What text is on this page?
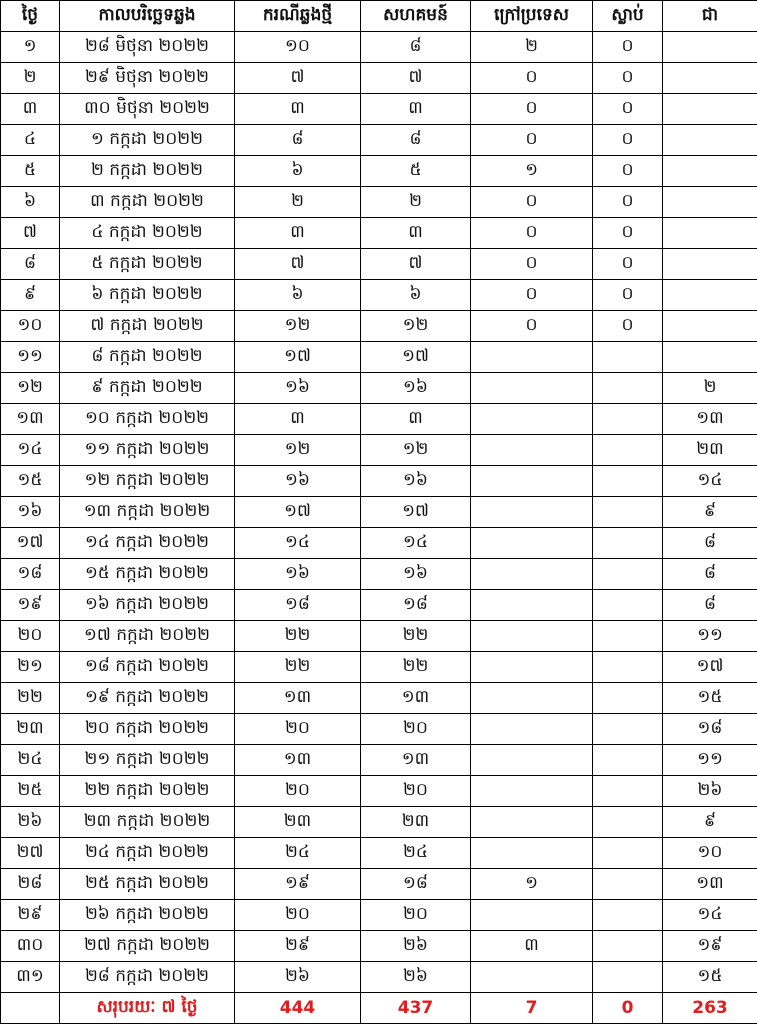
ថ្ងៃ	កាលបរិច្ឆេទឆ្លង	ករណីឆ្លងថ្មី	សហគមន៍	ក្រៅប្រទេស	ស្លាប់	ជា
១	២៨ មិថុនា ២០២២	១០	៨	២	០	
២	២៩ មិថុនា ២០២២	៧	៧	០	០	
៣	៣០ មិថុនា ២០២២	៣	៣	០	០	
៤	១ កក្កដា ២០២២	៨	៨	០	០	
៥	២ កក្កដា ២០២២	៦	៥	១	០	
៦	៣ កក្កដា ២០២២	២	២	០	០	
៧	៤ កក្កដា ២០២២	៣	៣	០	០	
៨	៥ កក្កដា ២០២២	៧	៧	០	០	
៩	៦ កក្កដា ២០២២	៦	៦	០	០	
១០	៧ កក្កដា ២០២២	១២	១២	០	០	
១១	៨ កក្កដា ២០២២	១៧	១៧			
១២	៩ កក្កដា ២០២២	១៦	១៦			២
១៣	១០ កក្កដា ២០២២	៣	៣			១៣
១៤	១១ កក្កដា ២០២២	១២	១២			២៣
១៥	១២ កក្កដា ២០២២	១៦	១៦			១៤
១៦	១៣ កក្កដា ២០២២	១៧	១៧			៩
១៧	១៤ កក្កដា ២០២២	១៤	១៤			៨
១៨	១៥ កក្កដា ២០២២	១៦	១៦			៨
១៩	១៦ កក្កដា ២០២២	១៨	១៨			៨
២០	១៧ កក្កដា ២០២២	២២	២២			១១
២១	១៨ កក្កដា ២០២២	២២	២២			១៧
២២	១៩ កក្កដា ២០២២	១៣	១៣			១៥
២៣	២០ កក្កដា ២០២២	២០	២០			១៨
២៤	២១ កក្កដា ២០២២	១៣	១៣			១១
២៥	២២ កក្កដា ២០២២	២០	២០			២៦
២៦	២៣ កក្កដា ២០២២	២៣	២៣			៩
២៧	២៤ កក្កដា ២០២២	២៤	២៤			១០
២៨	២៥ កក្កដា ២០២២	១៩	១៨	១		១៣
២៩	២៦ កក្កដា ២០២២	២០	២០			១៤
៣០	២៧ កក្កដា ២០២២	២៩	២៦	៣		១៩
៣១	២៨ កក្កដា ២០២២	២៦	២៦			១៥
	សរុបរយៈ ៧ ថ្ងៃ	444	437	7	0	263
